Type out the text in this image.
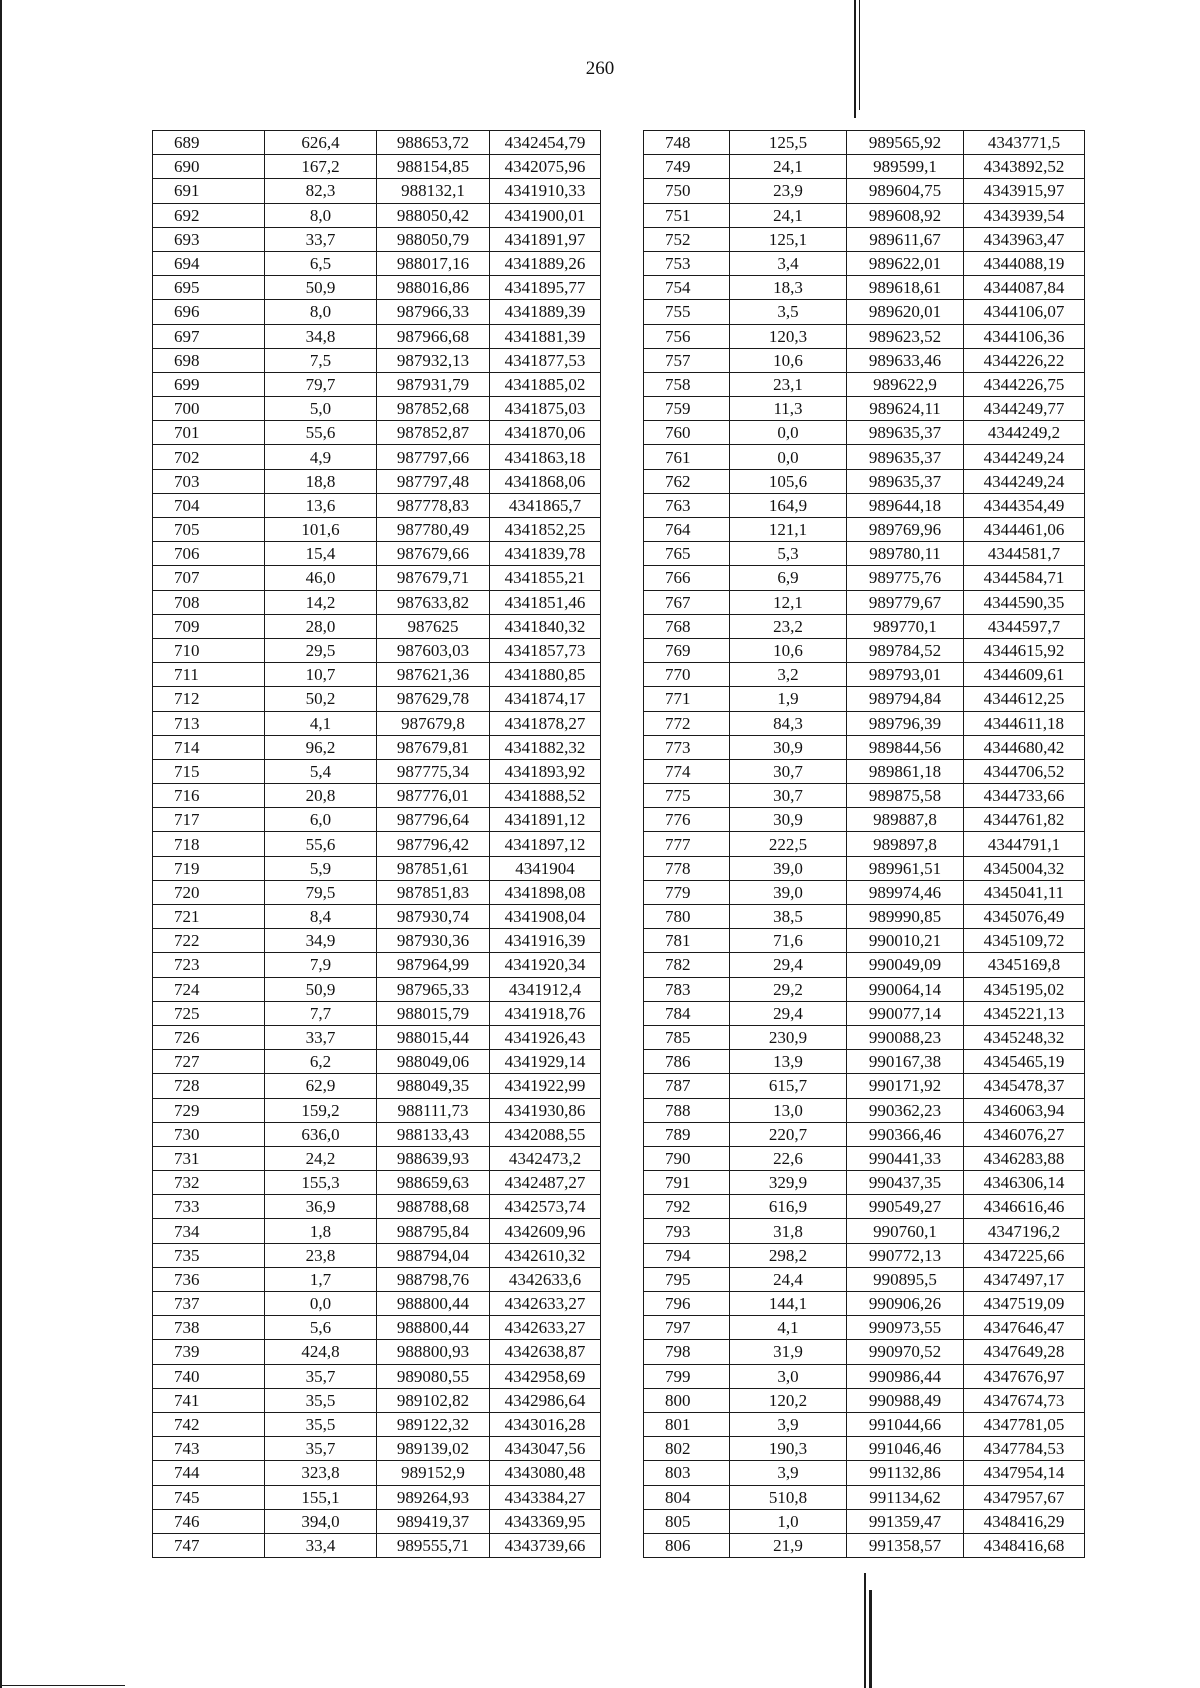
260
689	626,4	988653,72	4342454,79
690	167,2	988154,85	4342075,96
691	82,3	988132,1	4341910,33
692	8,0	988050,42	4341900,01
693	33,7	988050,79	4341891,97
694	6,5	988017,16	4341889,26
695	50,9	988016,86	4341895,77
696	8,0	987966,33	4341889,39
697	34,8	987966,68	4341881,39
698	7,5	987932,13	4341877,53
699	79,7	987931,79	4341885,02
700	5,0	987852,68	4341875,03
701	55,6	987852,87	4341870,06
702	4,9	987797,66	4341863,18
703	18,8	987797,48	4341868,06
704	13,6	987778,83	4341865,7
705	101,6	987780,49	4341852,25
706	15,4	987679,66	4341839,78
707	46,0	987679,71	4341855,21
708	14,2	987633,82	4341851,46
709	28,0	987625	4341840,32
710	29,5	987603,03	4341857,73
711	10,7	987621,36	4341880,85
712	50,2	987629,78	4341874,17
713	4,1	987679,8	4341878,27
714	96,2	987679,81	4341882,32
715	5,4	987775,34	4341893,92
716	20,8	987776,01	4341888,52
717	6,0	987796,64	4341891,12
718	55,6	987796,42	4341897,12
719	5,9	987851,61	4341904
720	79,5	987851,83	4341898,08
721	8,4	987930,74	4341908,04
722	34,9	987930,36	4341916,39
723	7,9	987964,99	4341920,34
724	50,9	987965,33	4341912,4
725	7,7	988015,79	4341918,76
726	33,7	988015,44	4341926,43
727	6,2	988049,06	4341929,14
728	62,9	988049,35	4341922,99
729	159,2	988111,73	4341930,86
730	636,0	988133,43	4342088,55
731	24,2	988639,93	4342473,2
732	155,3	988659,63	4342487,27
733	36,9	988788,68	4342573,74
734	1,8	988795,84	4342609,96
735	23,8	988794,04	4342610,32
736	1,7	988798,76	4342633,6
737	0,0	988800,44	4342633,27
738	5,6	988800,44	4342633,27
739	424,8	988800,93	4342638,87
740	35,7	989080,55	4342958,69
741	35,5	989102,82	4342986,64
742	35,5	989122,32	4343016,28
743	35,7	989139,02	4343047,56
744	323,8	989152,9	4343080,48
745	155,1	989264,93	4343384,27
746	394,0	989419,37	4343369,95
747	33,4	989555,71	4343739,66
748	125,5	989565,92	4343771,5
749	24,1	989599,1	4343892,52
750	23,9	989604,75	4343915,97
751	24,1	989608,92	4343939,54
752	125,1	989611,67	4343963,47
753	3,4	989622,01	4344088,19
754	18,3	989618,61	4344087,84
755	3,5	989620,01	4344106,07
756	120,3	989623,52	4344106,36
757	10,6	989633,46	4344226,22
758	23,1	989622,9	4344226,75
759	11,3	989624,11	4344249,77
760	0,0	989635,37	4344249,2
761	0,0	989635,37	4344249,24
762	105,6	989635,37	4344249,24
763	164,9	989644,18	4344354,49
764	121,1	989769,96	4344461,06
765	5,3	989780,11	4344581,7
766	6,9	989775,76	4344584,71
767	12,1	989779,67	4344590,35
768	23,2	989770,1	4344597,7
769	10,6	989784,52	4344615,92
770	3,2	989793,01	4344609,61
771	1,9	989794,84	4344612,25
772	84,3	989796,39	4344611,18
773	30,9	989844,56	4344680,42
774	30,7	989861,18	4344706,52
775	30,7	989875,58	4344733,66
776	30,9	989887,8	4344761,82
777	222,5	989897,8	4344791,1
778	39,0	989961,51	4345004,32
779	39,0	989974,46	4345041,11
780	38,5	989990,85	4345076,49
781	71,6	990010,21	4345109,72
782	29,4	990049,09	4345169,8
783	29,2	990064,14	4345195,02
784	29,4	990077,14	4345221,13
785	230,9	990088,23	4345248,32
786	13,9	990167,38	4345465,19
787	615,7	990171,92	4345478,37
788	13,0	990362,23	4346063,94
789	220,7	990366,46	4346076,27
790	22,6	990441,33	4346283,88
791	329,9	990437,35	4346306,14
792	616,9	990549,27	4346616,46
793	31,8	990760,1	4347196,2
794	298,2	990772,13	4347225,66
795	24,4	990895,5	4347497,17
796	144,1	990906,26	4347519,09
797	4,1	990973,55	4347646,47
798	31,9	990970,52	4347649,28
799	3,0	990986,44	4347676,97
800	120,2	990988,49	4347674,73
801	3,9	991044,66	4347781,05
802	190,3	991046,46	4347784,53
803	3,9	991132,86	4347954,14
804	510,8	991134,62	4347957,67
805	1,0	991359,47	4348416,29
806	21,9	991358,57	4348416,68
